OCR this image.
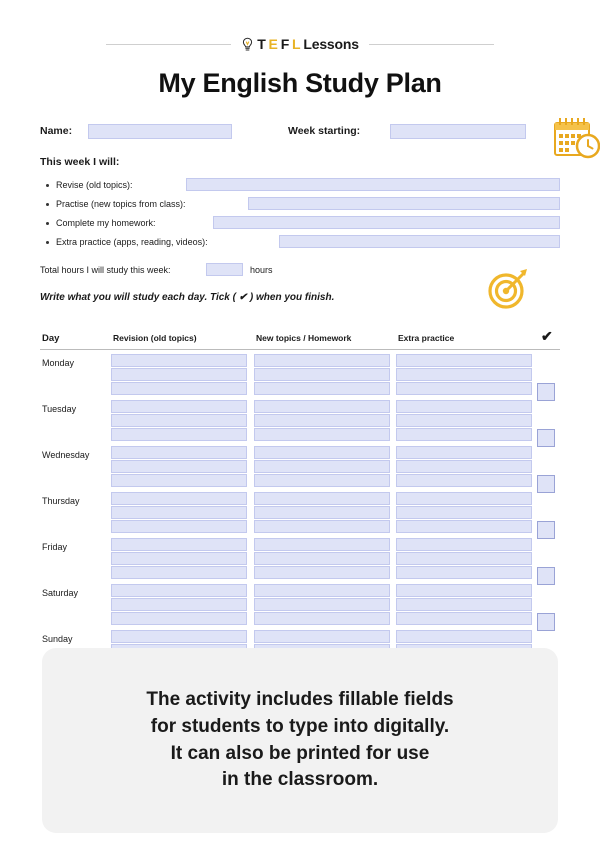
T E F L Lessons
My English Study Plan
Name:	Week starting:
This week I will:
Revise (old topics):
Practise (new topics from class):
Complete my homework:
Extra practice (apps, reading, videos):
Total hours I will study this week:	hours
Write what you will study each day. Tick ( ✔ ) when you finish.
Day	Revision (old topics)	New topics / Homework	Extra practice	✔
Monday
Tuesday
Wednesday
Thursday
Friday
Saturday
Sunday
The activity includes fillable fields
for students to type into digitally.
It can also be printed for use
in the classroom.
